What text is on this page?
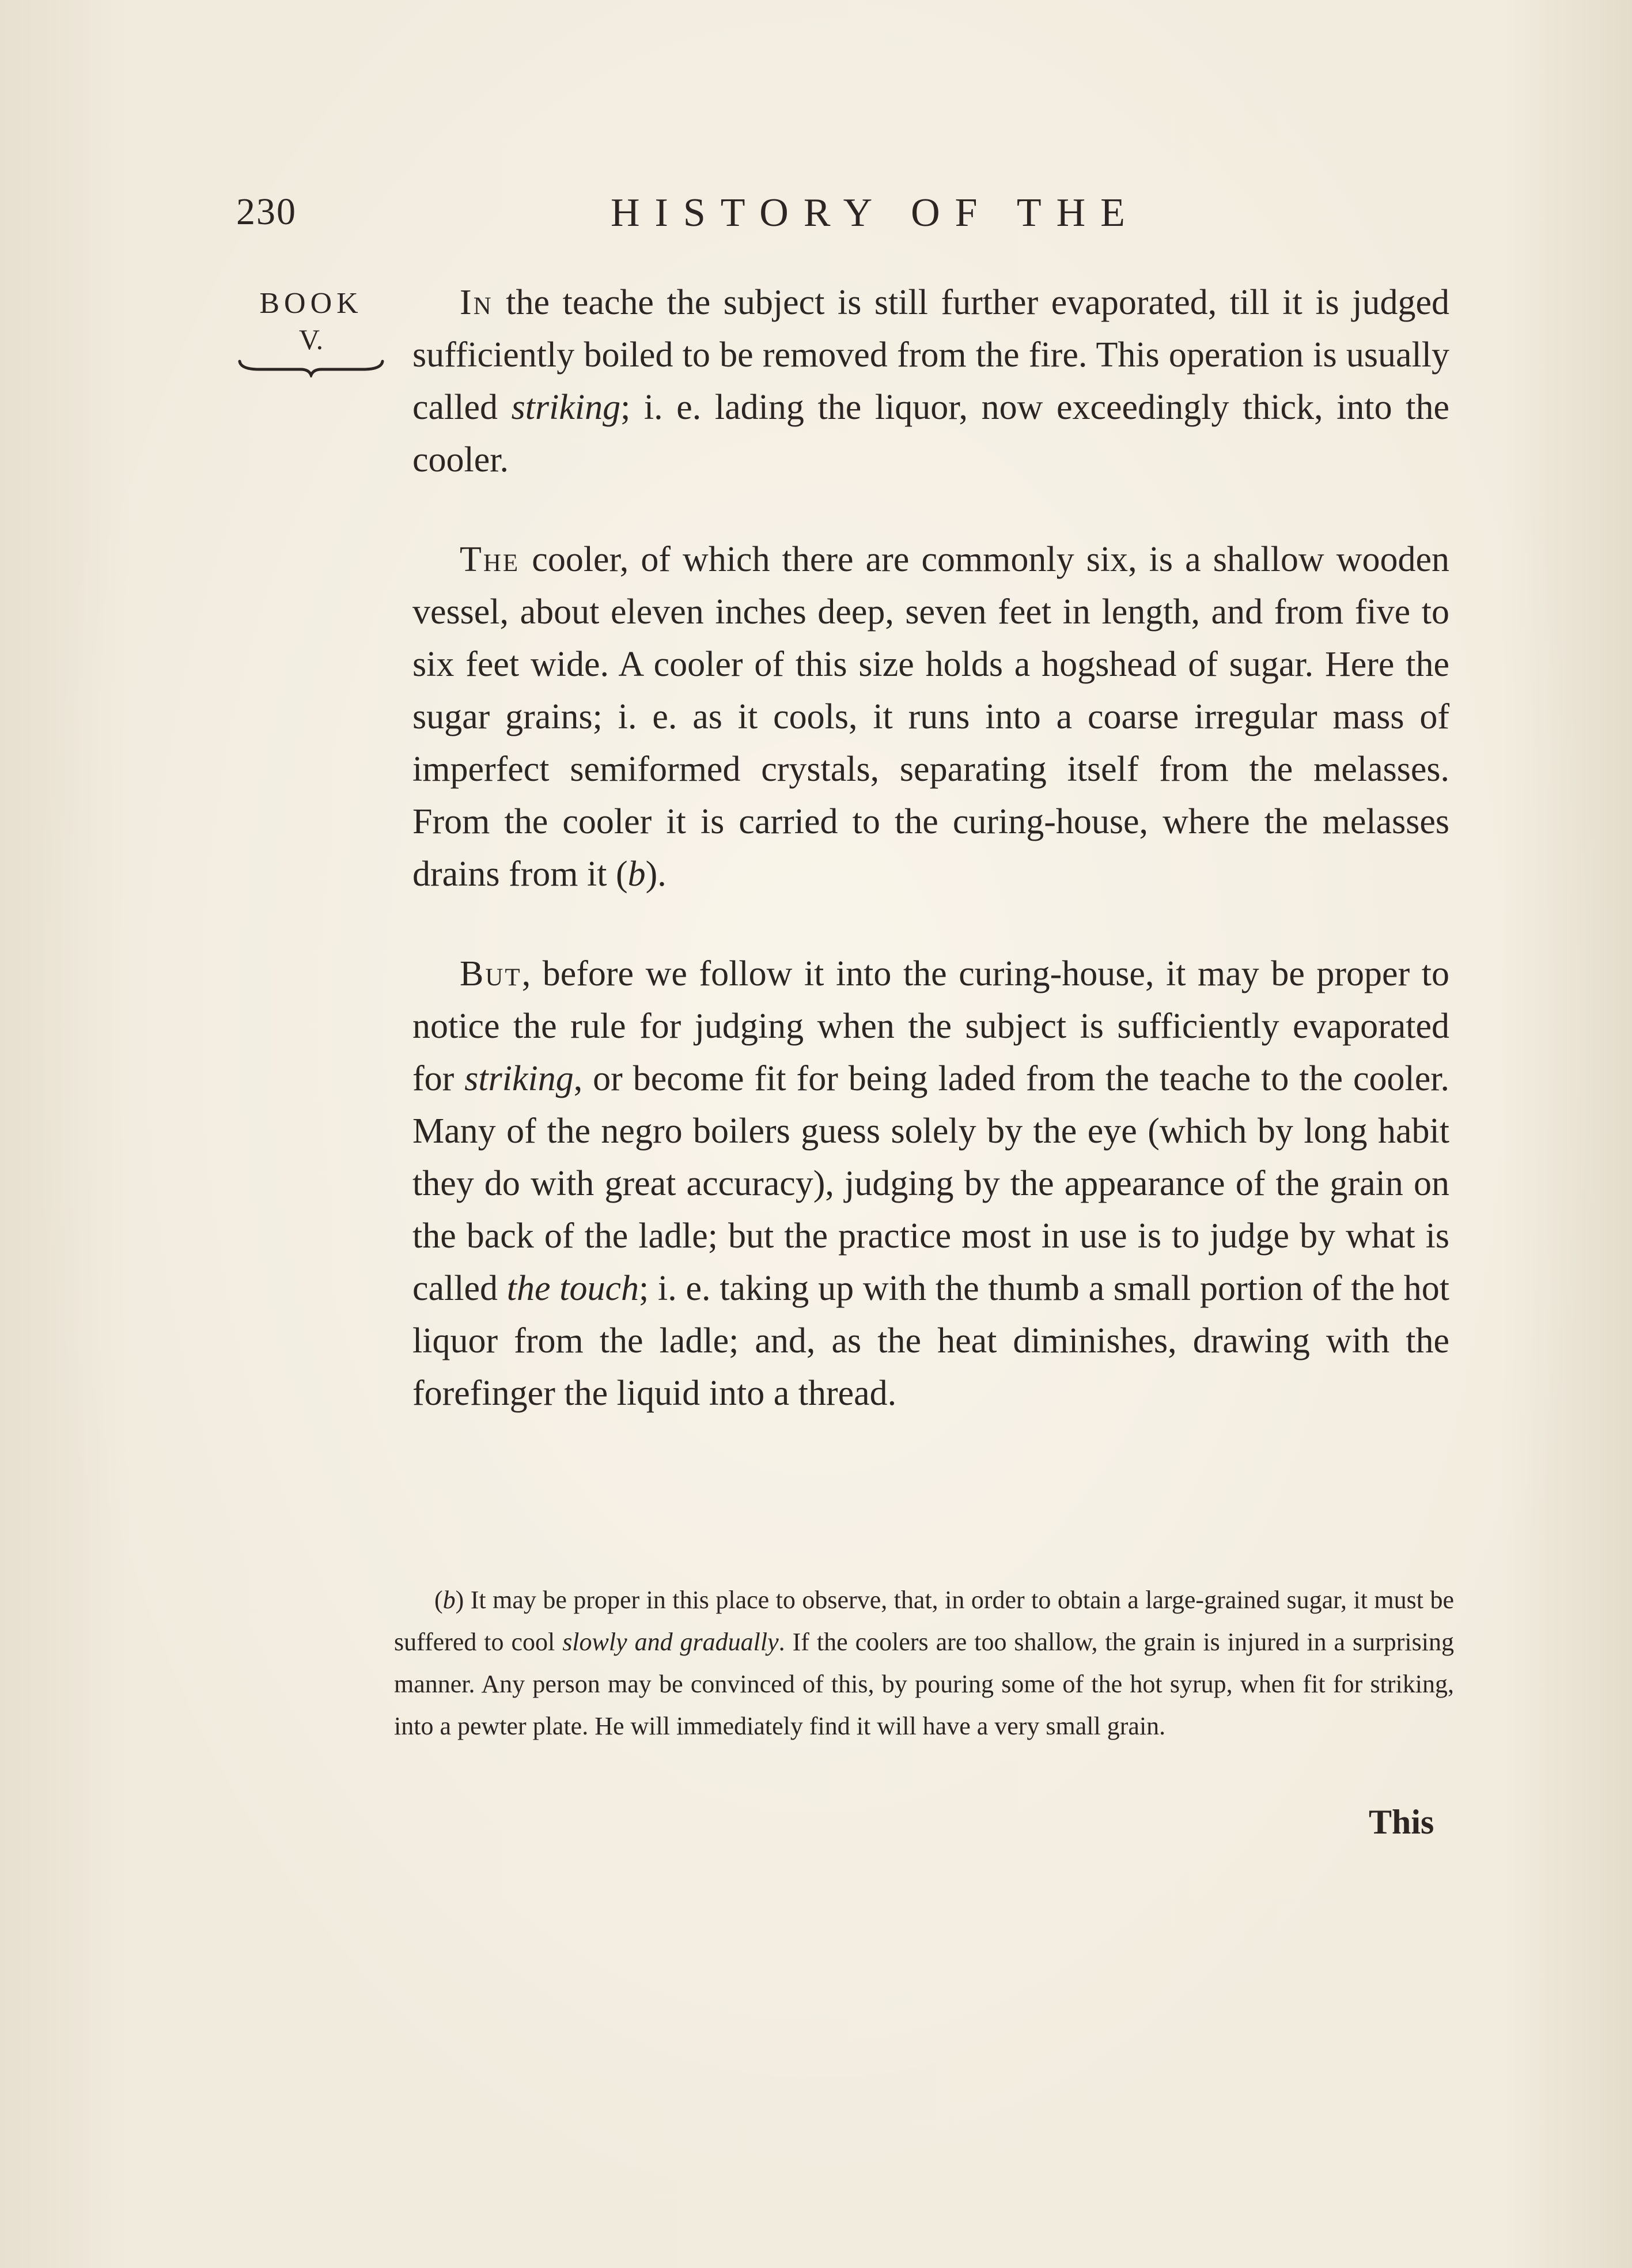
230	HISTORY OF THE
BOOK
V.

In the teache the subject is still further evaporated, till it is judged sufficiently boiled to be removed from the fire. This operation is usually called striking; i. e. lading the liquor, now exceedingly thick, into the cooler.

The cooler, of which there are commonly six, is a shallow wooden vessel, about eleven inches deep, seven feet in length, and from five to six feet wide. A cooler of this size holds a hogshead of sugar. Here the sugar grains; i. e. as it cools, it runs into a coarse irregular mass of imperfect semiformed crystals, separating itself from the melasses. From the cooler it is carried to the curing-house, where the melasses drains from it (b).

But, before we follow it into the curing-house, it may be proper to notice the rule for judging when the subject is sufficiently evaporated for striking, or become fit for being laded from the teache to the cooler. Many of the negro boilers guess solely by the eye (which by long habit they do with great accuracy), judging by the appearance of the grain on the back of the ladle; but the practice most in use is to judge by what is called the touch; i. e. taking up with the thumb a small portion of the hot liquor from the ladle; and, as the heat diminishes, drawing with the forefinger the liquid into a thread.

(b) It may be proper in this place to observe, that, in order to obtain a large-grained sugar, it must be suffered to cool slowly and gradually. If the coolers are too shallow, the grain is injured in a surprising manner. Any person may be convinced of this, by pouring some of the hot syrup, when fit for striking, into a pewter plate. He will immediately find it will have a very small grain.
This
